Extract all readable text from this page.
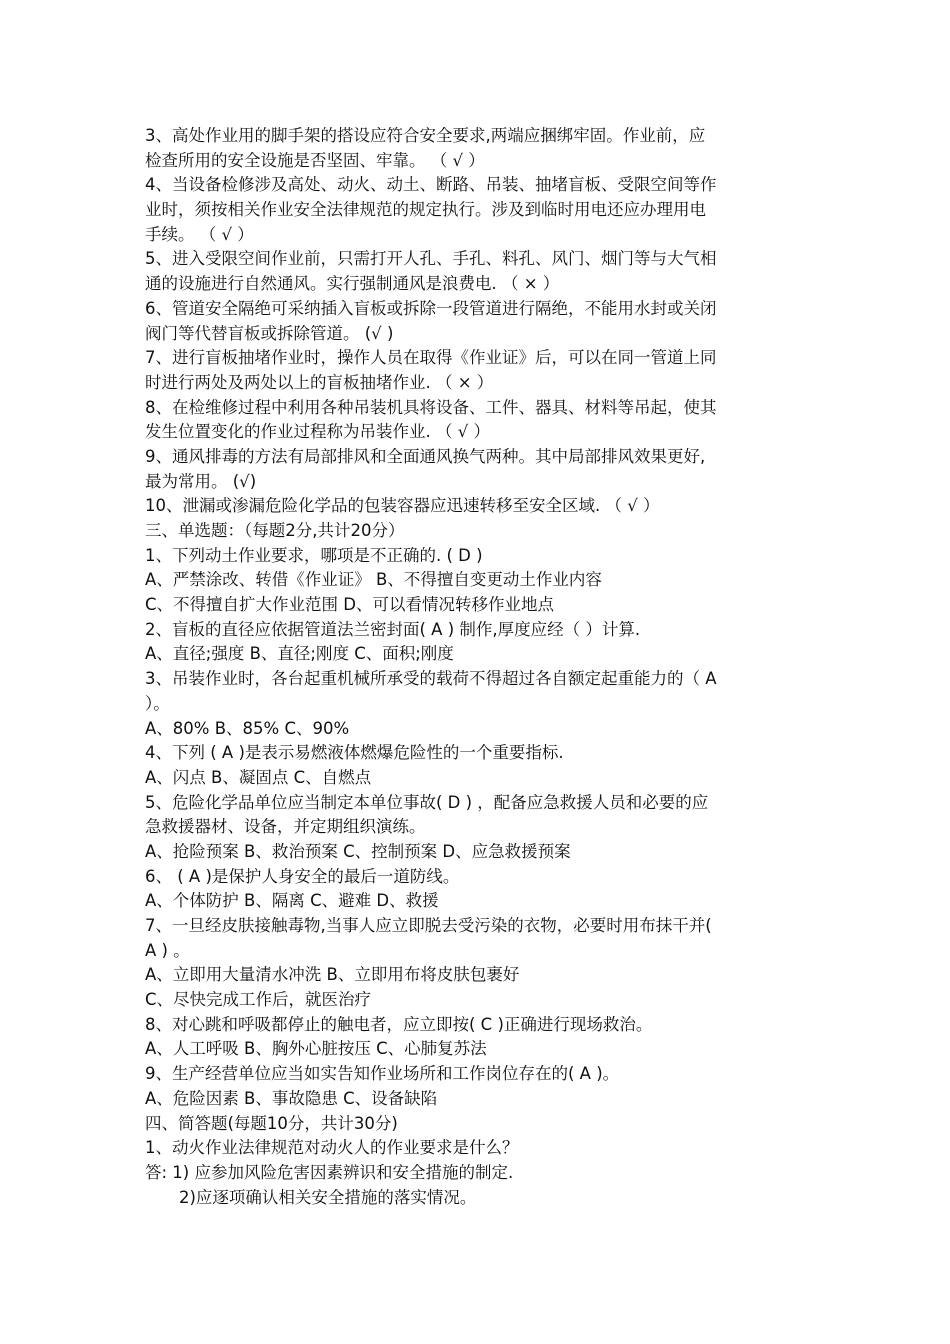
3、高处作业用的脚手架的搭设应符合安全要求,两端应捆绑牢固。作业前，应
检查所用的安全设施是否坚固、牢靠。 （ √ ）
4、当设备检修涉及高处、动火、动土、断路、吊装、抽堵盲板、受限空间等作
业时，须按相关作业安全法律规范的规定执行。涉及到临时用电还应办理用电
手续。 （ √ ）
5、进入受限空间作业前，只需打开人孔、手孔、料孔、风门、烟门等与大气相
通的设施进行自然通风。实行强制通风是浪费电. （ × ）
6、管道安全隔绝可采纳插入盲板或拆除一段管道进行隔绝，不能用水封或关闭
阀门等代替盲板或拆除管道。 (√ )
7、进行盲板抽堵作业时，操作人员在取得《作业证》后，可以在同一管道上同
时进行两处及两处以上的盲板抽堵作业. （ × ）
8、在检维修过程中利用各种吊装机具将设备、工件、器具、材料等吊起，使其
发生位置变化的作业过程称为吊装作业. （ √ ）
9、通风排毒的方法有局部排风和全面通风换气两种。其中局部排风效果更好,
最为常用。 (√)
10、泄漏或渗漏危险化学品的包装容器应迅速转移至安全区域. （ √ ）
三、单选题：（每题2分,共计20分）
1、下列动土作业要求，哪项是不正确的. ( D )
A、严禁涂改、转借《作业证》 B、不得擅自变更动土作业内容
C、不得擅自扩大作业范围 D、可以看情况转移作业地点
2、盲板的直径应依据管道法兰密封面( A ) 制作,厚度应经（ ）计算.
A、直径;强度 B、直径;刚度 C、面积;刚度
3、吊装作业时，各台起重机械所承受的载荷不得超过各自额定起重能力的（ A
）。
A、80% B、85% C、90%
4、下列 ( A )是表示易燃液体燃爆危险性的一个重要指标.
A、闪点 B、凝固点 C、自燃点
5、危险化学品单位应当制定本单位事故( D ) ，配备应急救援人员和必要的应
急救援器材、设备，并定期组织演练。
A、抢险预案 B、救治预案 C、控制预案 D、应急救援预案
6、 ( A )是保护人身安全的最后一道防线。
A、个体防护 B、隔离 C、避难 D、救援
7、一旦经皮肤接触毒物,当事人应立即脱去受污染的衣物，必要时用布抹干并(
A ) 。
A、立即用大量清水冲洗 B、立即用布将皮肤包裹好
C、尽快完成工作后，就医治疗
8、对心跳和呼吸都停止的触电者，应立即按( C )正确进行现场救治。
A、人工呼吸 B、胸外心脏按压 C、心肺复苏法
9、生产经营单位应当如实告知作业场所和工作岗位存在的( A )。
A、危险因素 B、事故隐患 C、设备缺陷
四、简答题(每题10分，共计30分)
1、动火作业法律规范对动火人的作业要求是什么？
答: 1) 应参加风险危害因素辨识和安全措施的制定.
2)应逐项确认相关安全措施的落实情况。
